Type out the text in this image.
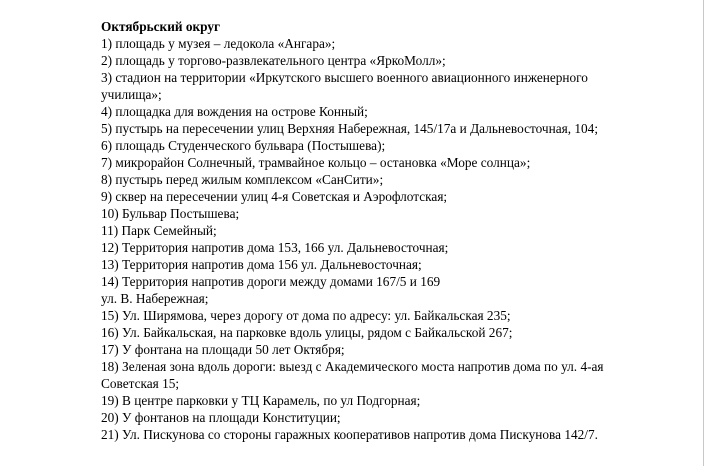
Октябрьский округ
1) площадь у музея – ледокола «Ангара»;
2) площадь у торгово-развлекательного центра «ЯркоМолл»;
3) стадион на территории «Иркутского высшего военного авиационного инженерного
училища»;
4) площадка для вождения на острове Конный;
5) пустырь на пересечении улиц Верхняя Набережная, 145/17а и Дальневосточная, 104;
6) площадь Студенческого бульвара (Постышева);
7) микрорайон Солнечный, трамвайное кольцо – остановка «Море солнца»;
8) пустырь перед жилым комплексом «СанСити»;
9) сквер на пересечении улиц 4-я Советская и Аэрофлотская;
10) Бульвар Постышева;
11) Парк Семейный;
12) Территория напротив дома 153, 166 ул. Дальневосточная;
13) Территория напротив дома 156 ул. Дальневосточная;
14) Территория напротив дороги между домами 167/5 и 169
ул. В. Набережная;
15) Ул. Ширямова, через дорогу от дома по адресу: ул. Байкальская 235;
16) Ул. Байкальская, на парковке вдоль улицы, рядом с Байкальской 267;
17) У фонтана на площади 50 лет Октября;
18) Зеленая зона вдоль дороги: выезд с Академического моста напротив дома по ул. 4-ая
Советская 15;
19) В центре парковки у ТЦ Карамель, по ул Подгорная;
20) У фонтанов на площади Конституции;
21) Ул. Пискунова со стороны гаражных кооперативов напротив дома Пискунова 142/7.
